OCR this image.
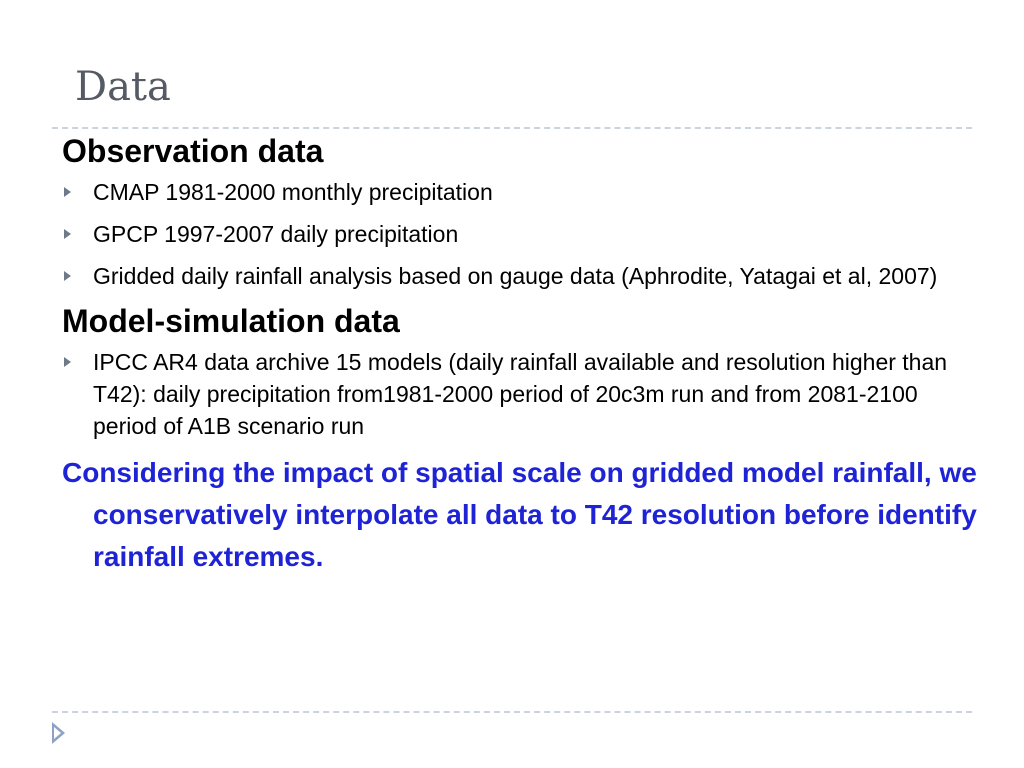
Data
Observation data
CMAP 1981-2000 monthly precipitation
GPCP 1997-2007 daily precipitation
Gridded daily rainfall analysis based on gauge data (Aphrodite, Yatagai et al, 2007)
Model-simulation data
IPCC AR4 data archive 15 models (daily rainfall available and resolution higher than T42): daily precipitation from1981-2000 period of 20c3m run and from 2081-2100 period of A1B scenario run
Considering the impact of spatial scale on gridded model rainfall, we conservatively interpolate all data to T42 resolution before identify rainfall extremes.
